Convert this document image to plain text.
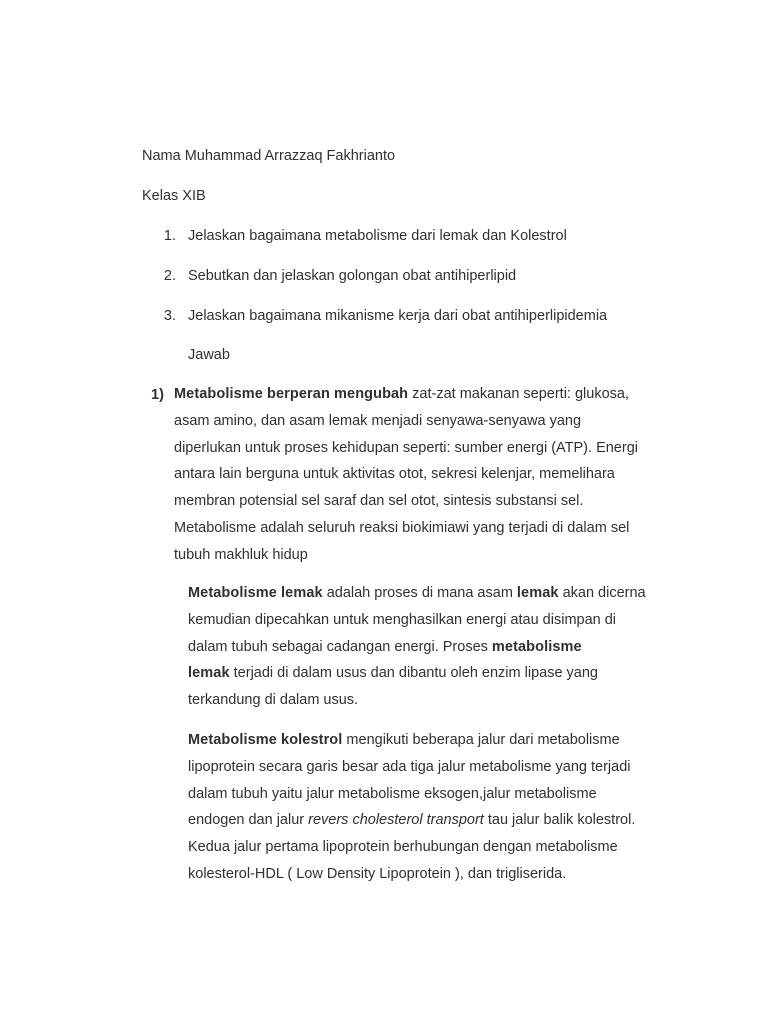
Nama Muhammad Arrazzaq Fakhrianto
Kelas XIB
1. Jelaskan bagaimana metabolisme dari lemak dan Kolestrol
2. Sebutkan dan jelaskan golongan obat antihiperlipid
3. Jelaskan bagaimana mikanisme kerja dari obat antihiperlipidemia
Jawab
1) Metabolisme berperan mengubah zat-zat makanan seperti: glukosa,

asam amino, dan asam lemak menjadi senyawa-senyawa yang

diperlukan untuk proses kehidupan seperti: sumber energi (ATP). Energi

antara lain berguna untuk aktivitas otot, sekresi kelenjar, memelihara

membran potensial sel saraf dan sel otot, sintesis substansi sel.

Metabolisme adalah seluruh reaksi biokimiawi yang terjadi di dalam sel

tubuh makhluk hidup

Metabolisme lemak adalah proses di mana asam lemak akan dicerna

kemudian dipecahkan untuk menghasilkan energi atau disimpan di

dalam tubuh sebagai cadangan energi. Proses metabolisme

lemak terjadi di dalam usus dan dibantu oleh enzim lipase yang

terkandung di dalam usus.

Metabolisme kolestrol mengikuti beberapa jalur dari metabolisme

lipoprotein secara garis besar ada tiga jalur metabolisme yang terjadi

dalam tubuh yaitu jalur metabolisme eksogen,jalur metabolisme

endogen dan jalur revers cholesterol transport tau jalur balik kolestrol.

Kedua jalur pertama lipoprotein berhubungan dengan metabolisme

kolesterol-HDL ( Low Density Lipoprotein ), dan trigliserida.
